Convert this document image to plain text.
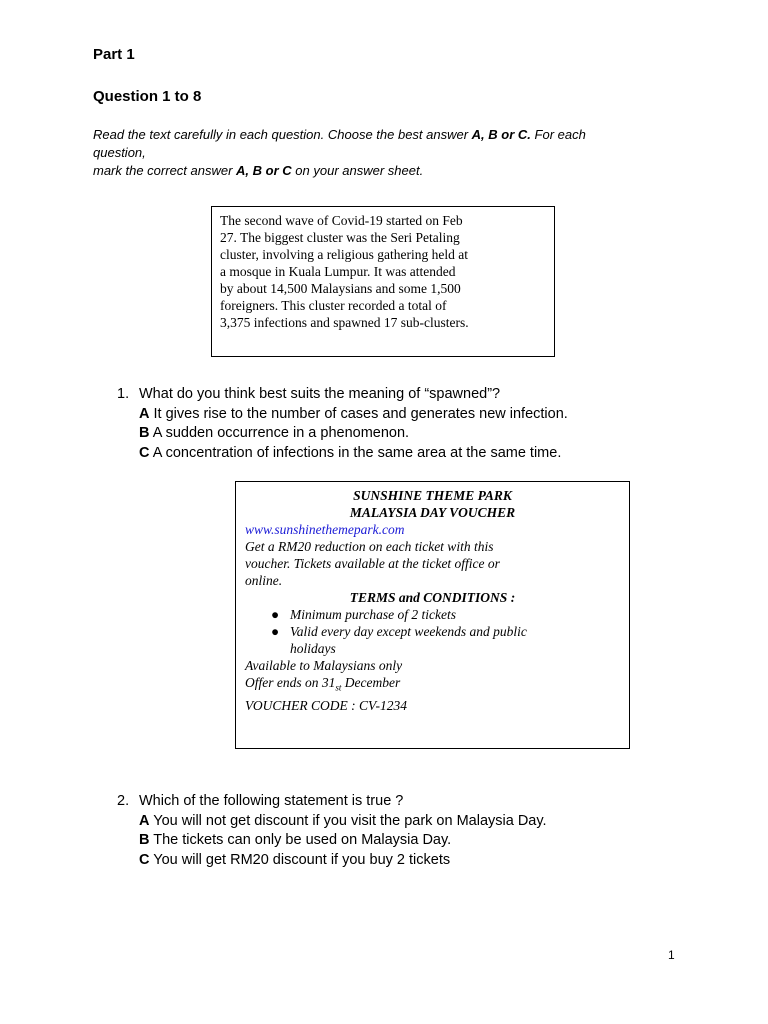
Part 1
Question 1 to 8
Read the text carefully in each question. Choose the best answer A, B or C. For each
question,
mark the correct answer A, B or C on your answer sheet.
The second wave of Covid-19 started on Feb
27. The biggest cluster was the Seri Petaling
cluster, involving a religious gathering held at
a mosque in Kuala Lumpur. It was attended
by about 14,500 Malaysians and some 1,500
foreigners. This cluster recorded a total of
3,375 infections and spawned 17 sub-clusters.
1. What do you think best suits the meaning of “spawned”?
A It gives rise to the number of cases and generates new infection.
B A sudden occurrence in a phenomenon.
C A concentration of infections in the same area at the same time.
SUNSHINE THEME PARK
MALAYSIA DAY VOUCHER
www.sunshinethemepark.com
Get a RM20 reduction on each ticket with this
voucher. Tickets available at the ticket office or
online.
TERMS and CONDITIONS :
● Minimum purchase of 2 tickets
● Valid every day except weekends and public
holidays
Available to Malaysians only
Offer ends on $31_{st}$ December
VOUCHER CODE : CV-1234
2. Which of the following statement is true ?
A You will not get discount if you visit the park on Malaysia Day.
B The tickets can only be used on Malaysia Day.
C You will get RM20 discount if you buy 2 tickets
1
